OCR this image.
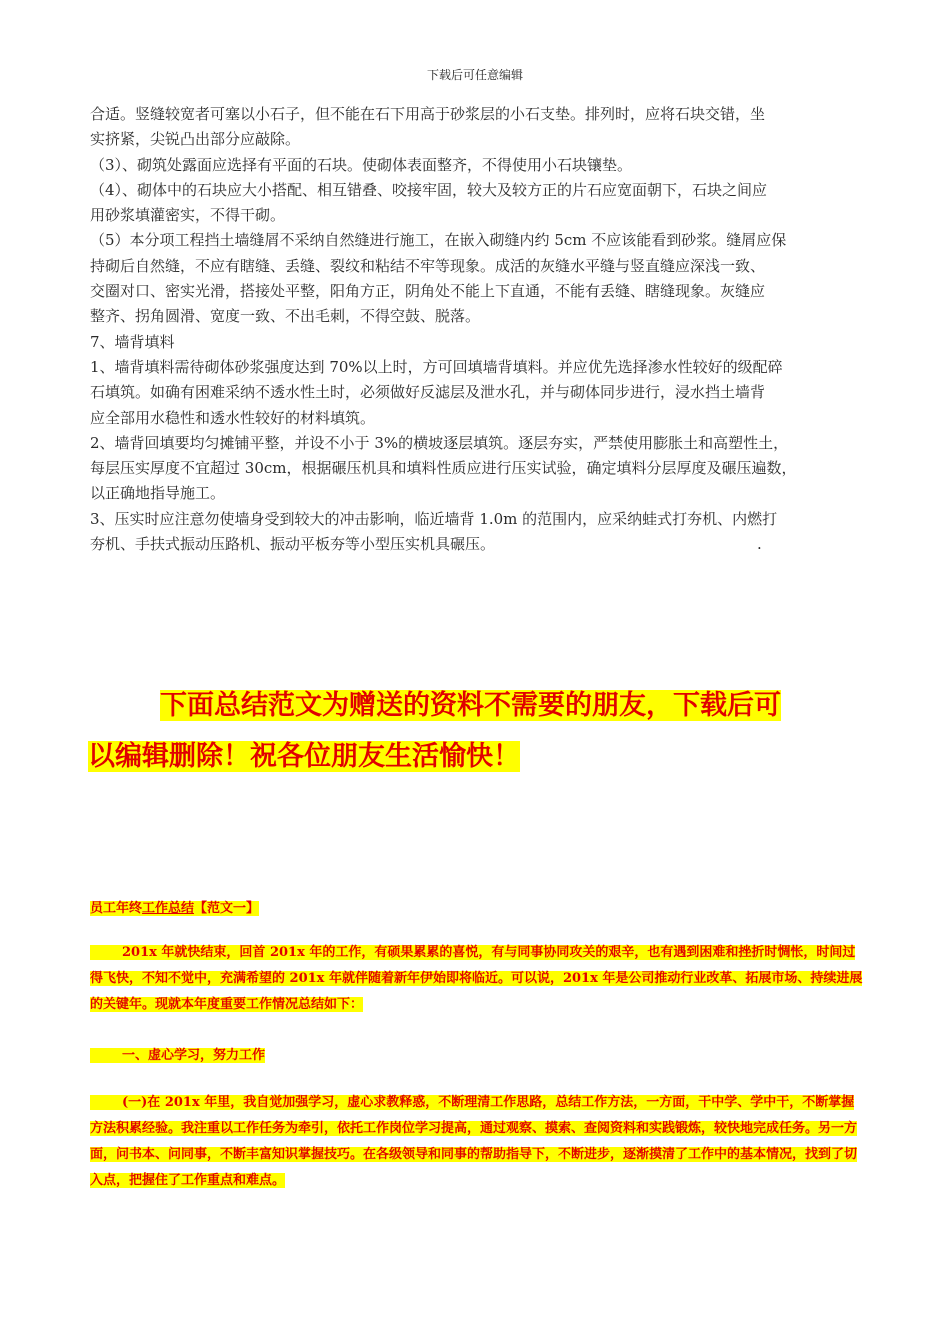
下载后可任意编辑

合适。竖缝较宽者可塞以小石子，但不能在石下用高于砂浆层的小石支垫。排列时，应将石块交错，坐

实挤紧，尖锐凸出部分应敲除。

（3）、砌筑处露面应选择有平面的石块。使砌体表面整齐，不得使用小石块镶垫。

（4）、砌体中的石块应大小搭配、相互错叠、咬接牢固，较大及较方正的片石应宽面朝下，石块之间应

用砂浆填灌密实，不得干砌。

（5）本分项工程挡土墙缝屑不采纳自然缝进行施工，在嵌入砌缝内约 5cm 不应该能看到砂浆。缝屑应保

持砌后自然缝，不应有瞎缝、丢缝、裂纹和粘结不牢等现象。成活的灰缝水平缝与竖直缝应深浅一致、

交圈对口、密实光滑，搭接处平整，阳角方正，阴角处不能上下直通，不能有丢缝、瞎缝现象。灰缝应

整齐、拐角圆滑、宽度一致、不出毛刺，不得空鼓、脱落。

7、墙背填料

1、墙背填料需待砌体砂浆强度达到 70%以上时，方可回填墙背填料。并应优先选择渗水性较好的级配碎

石填筑。如确有困难采纳不透水性土时，必须做好反滤层及泄水孔，并与砌体同步进行，浸水挡土墙背

应全部用水稳性和透水性较好的材料填筑。

2、墙背回填要均匀摊铺平整，并设不小于 3%的横坡逐层填筑。逐层夯实，严禁使用膨胀土和高塑性土，

每层压实厚度不宜超过 30cm，根据碾压机具和填料性质应进行压实试验，确定填料分层厚度及碾压遍数，

以正确地指导施工。

3、压实时应注意勿使墙身受到较大的冲击影响，临近墙背 1.0m 的范围内，应采纳蛙式打夯机、内燃打

夯机、手扶式振动压路机、振动平板夯等小型压实机具碾压。	.

下面总结范文为赠送的资料不需要的朋友，下载后可

以编辑删除！祝各位朋友生活愉快！

员工年终工作总结【范文一】

201x 年就快结束，回首 201x 年的工作，有硕果累累的喜悦，有与同事协同攻关的艰辛，也有遇到困难和挫折时惆怅，时间过得飞快，不知不觉中，充满希望的 201x 年就伴随着新年伊始即将临近。可以说，201x 年是公司推动行业改革、拓展市场、持续进展的关键年。现就本年度重要工作情况总结如下：

一、虚心学习，努力工作

(一)在 201x 年里，我自觉加强学习，虚心求教释惑，不断理清工作思路，总结工作方法，一方面，干中学、学中干，不断掌握方法积累经验。我注重以工作任务为牵引，依托工作岗位学习提高，通过观察、摸索、查阅资料和实践锻炼，较快地完成任务。另一方面，问书本、问同事，不断丰富知识掌握技巧。在各级领导和同事的帮助指导下，不断进步，逐渐摸清了工作中的基本情况，找到了切入点，把握住了工作重点和难点。
